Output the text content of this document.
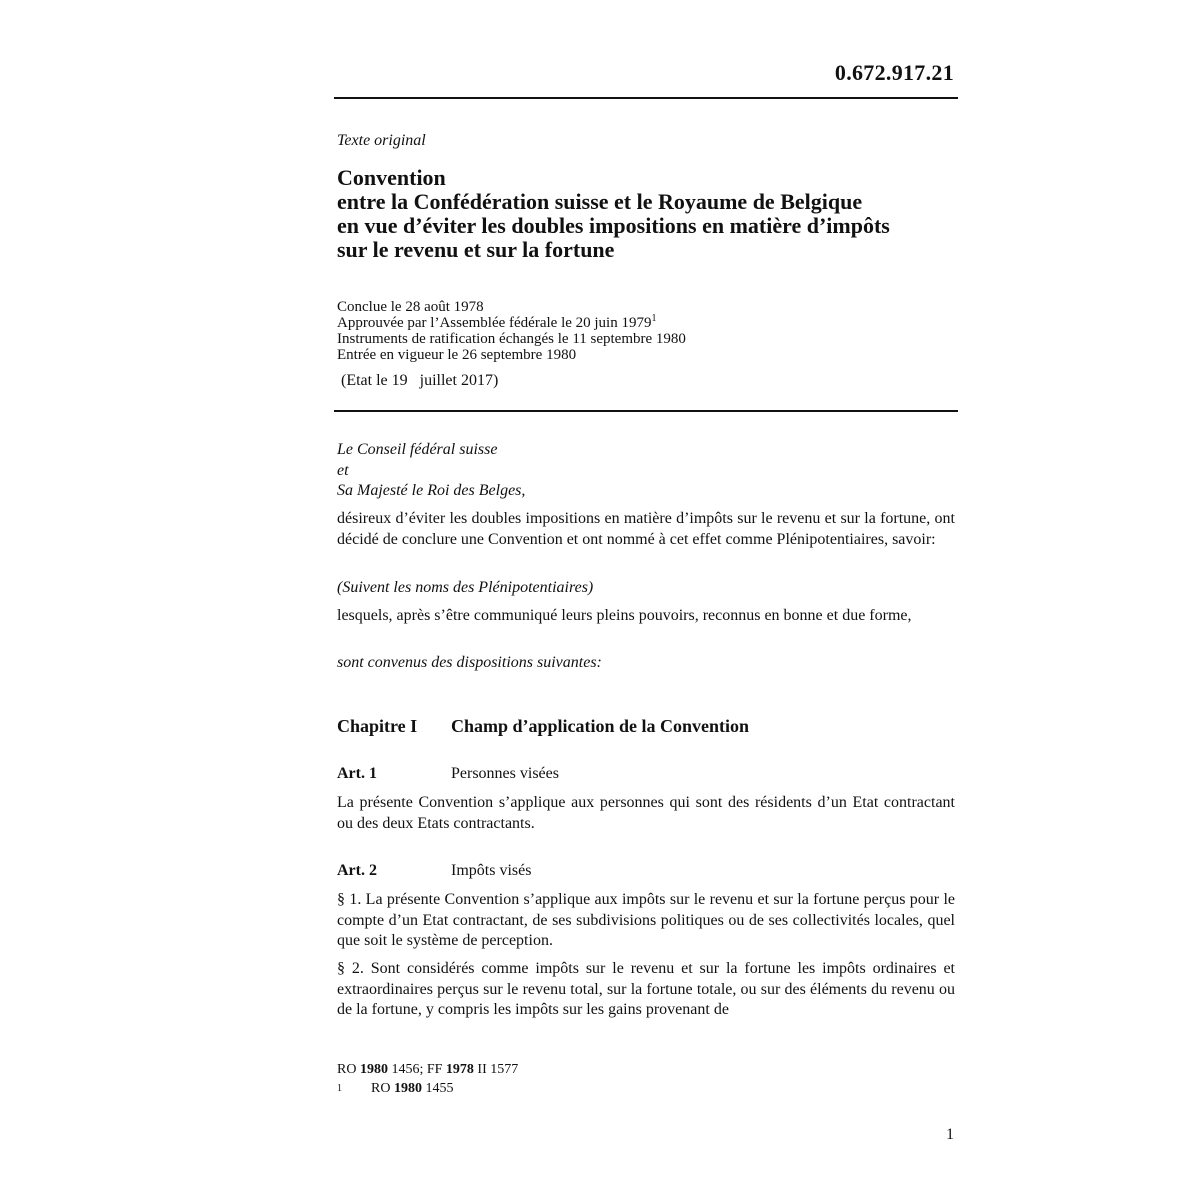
0.672.917.21
Texte original
Convention
entre la Confédération suisse et le Royaume de Belgique
en vue d’éviter les doubles impositions en matière d’impôts
sur le revenu et sur la fortune
Conclue le 28 août 1978
Approuvée par l’Assemblée fédérale le 20 juin 1979$^1$
Instruments de ratification échangés le 11 septembre 1980
Entrée en vigueur le 26 septembre 1980
(Etat le 19   juillet 2017)
Le Conseil fédéral suisse
et
Sa Majesté le Roi des Belges,
désireux d’éviter les doubles impositions en matière d’impôts sur le revenu et sur la fortune, ont décidé de conclure une Convention et ont nommé à cet effet comme Plénipotentiaires, savoir:
(Suivent les noms des Plénipotentiaires)
lesquels, après s’être communiqué leurs pleins pouvoirs, reconnus en bonne et due forme,
sont convenus des dispositions suivantes:
Chapitre I Champ d’application de la Convention
Art. 1	Personnes visées
La présente Convention s’applique aux personnes qui sont des résidents d’un Etat contractant ou des deux Etats contractants.
Art. 2	Impôts visés
§ 1. La présente Convention s’applique aux impôts sur le revenu et sur la fortune perçus pour le compte d’un Etat contractant, de ses subdivisions politiques ou de ses collectivités locales, quel que soit le système de perception.
§ 2. Sont considérés comme impôts sur le revenu et sur la fortune les impôts ordinaires et extraordinaires perçus sur le revenu total, sur la fortune totale, ou sur des éléments du revenu ou de la fortune, y compris les impôts sur les gains provenant de
RO 1980 1456; FF 1978 II 1577
1 RO 1980 1455
1
